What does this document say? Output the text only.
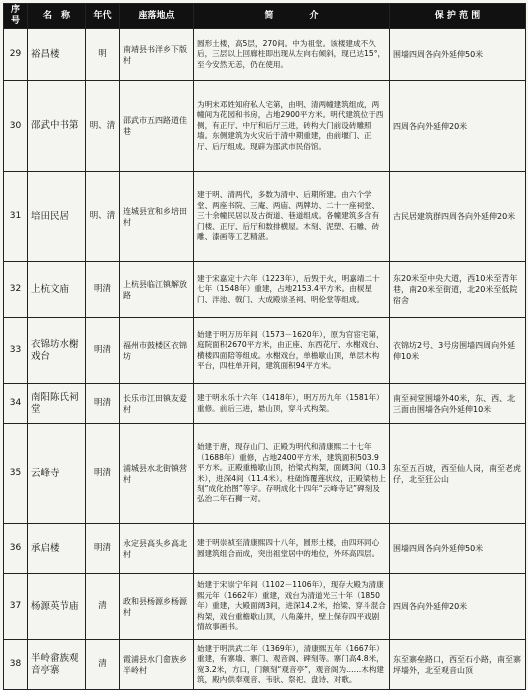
序号	名　称	年代	座落地点	简　　　　介	保 护 范 围
29	裕昌楼	明	南靖县书洋乡下版村	圆形土楼，高5层，270间。中为祖堂。该楼建成不久后，三层以上回廊柱即出现从左向右倾斜，现已达15°，至今安然无恙，仍在使用。	围墙四周各向外延伸50米
30	邵武中书第	明、清	邵武市五四路道佳巷	为明末邓姓知府私人宅第，由明、清两幢建筑组成，两幢间为花园和书房，占地2900平方米。明代建筑位于西侧，有正厅、中厅和后厅三进，砖构大门前设砖雕照墙。东侧建筑为火灾后于清中期重建，由前堰门、正厅、后厅组成。现辟为邵武市民俗馆。	四周各向外延伸20米
31	培田民居	明、清	连城县宣和乡培田村	建于明、清两代，多数为清中、后期所建。由六个学堂、两座书院、三庵、两庙、两牌坊、二十一座祠堂、三十余幢民居以及古街道、巷道组成。各幢建筑多含有门楼、正厅、后厅和数排横屋。木刻、泥塑、石雕、砖雕、漆画等工艺精湛。	古民居建筑群四周各向外延伸20米
32	上杭文庙	明清	上杭县临江镇解放路	建于宋嘉定十六年（1223年），后毁于火，明嘉靖二十七年（1548年）重建，占地2153.4平方米。由棂星门、泮池、戟门、大成殿崇圣祠、明伦堂等组成。	东20米至中央大道，西10米至青年巷，南20米至街道，北20米至低院宿舍
33	衣锦坊水榭戏台	明清	福州市鼓楼区衣锦坊	始建于明万历年间（1573－1620年），原为官宦宅第，庭院面积2670平方米，由正座、东西花厅、水榭戏台、横楼四面陪等组成。水榭戏台，单檐歇山顶，单层木构平台，四柱单开间，建筑面积94平方米。	衣锦坊2号、3号房围墙四周向外延伸10米
34	南阳陈氏祠堂	明清	长乐市江田镇友爱村	建于明永乐十六年（1418年），明万历九年（1581年）重修。前后三进，悬山顶，穿斗式构架。	南至祠堂围墙外40米，东、西、北三面由围墙各向外延伸10米
35	云峰寺	明清	浦城县水北街镇营村	始建于唐，现存山门、正殿为明代和清康熙二十七年（1688年）重修，占地2400平方米，建筑面积503.9平方米。正殿重檐歇山顶，抬梁式构架，面阔3间（10.3米），进深4间（11.4米）。柱础饰覆莲状纹，正殿梁枋上刻“成化抬图”等字。存明成化十四年“云峰寺记”碑刻及弘治二年石狮一对。	东至五百坡，西至仙人岗，南至老虎仔，北至狂公山
36	承启楼	明清	永定县高头乡高北村	建于明崇祯至清康熙四十八年，圆形土楼，由四环同心圆建筑组合而成，突出祖堂居中的地位，外环高四层。	围墙四周各向外延伸50米
37	杨源英节庙	清	政和县杨源乡杨源村	始建于宋崇宁年间（1102－1106年），现存大殿为清康熙元年（1662年）重建，戏台为清道光三十年（1850年）重建，大殿面阔3间，进深14.2米，抬梁、穿斗混合构架，戏台重檐歇山顶，八角藻井，壁上保存四平戏剧情故事画书。	四周各向外延伸20米
38	半岭畲族观音亭寨	清	霞浦县水门畲族乡半岭村	始建于明洪武二年（1369年），清康熙五年（1667年）重建，有寨墙、寨门、观音阁、碑刻等。寨门高4.8米，宽3.2米，方口，门额刻“观音亭”，观音阁为……木构建筑，殿内供奉观音、韦驮、祭祀、盘诗、对歌。	东至寨垒路口，西至石小路，南至寨坪墙外，北至观音山顶
